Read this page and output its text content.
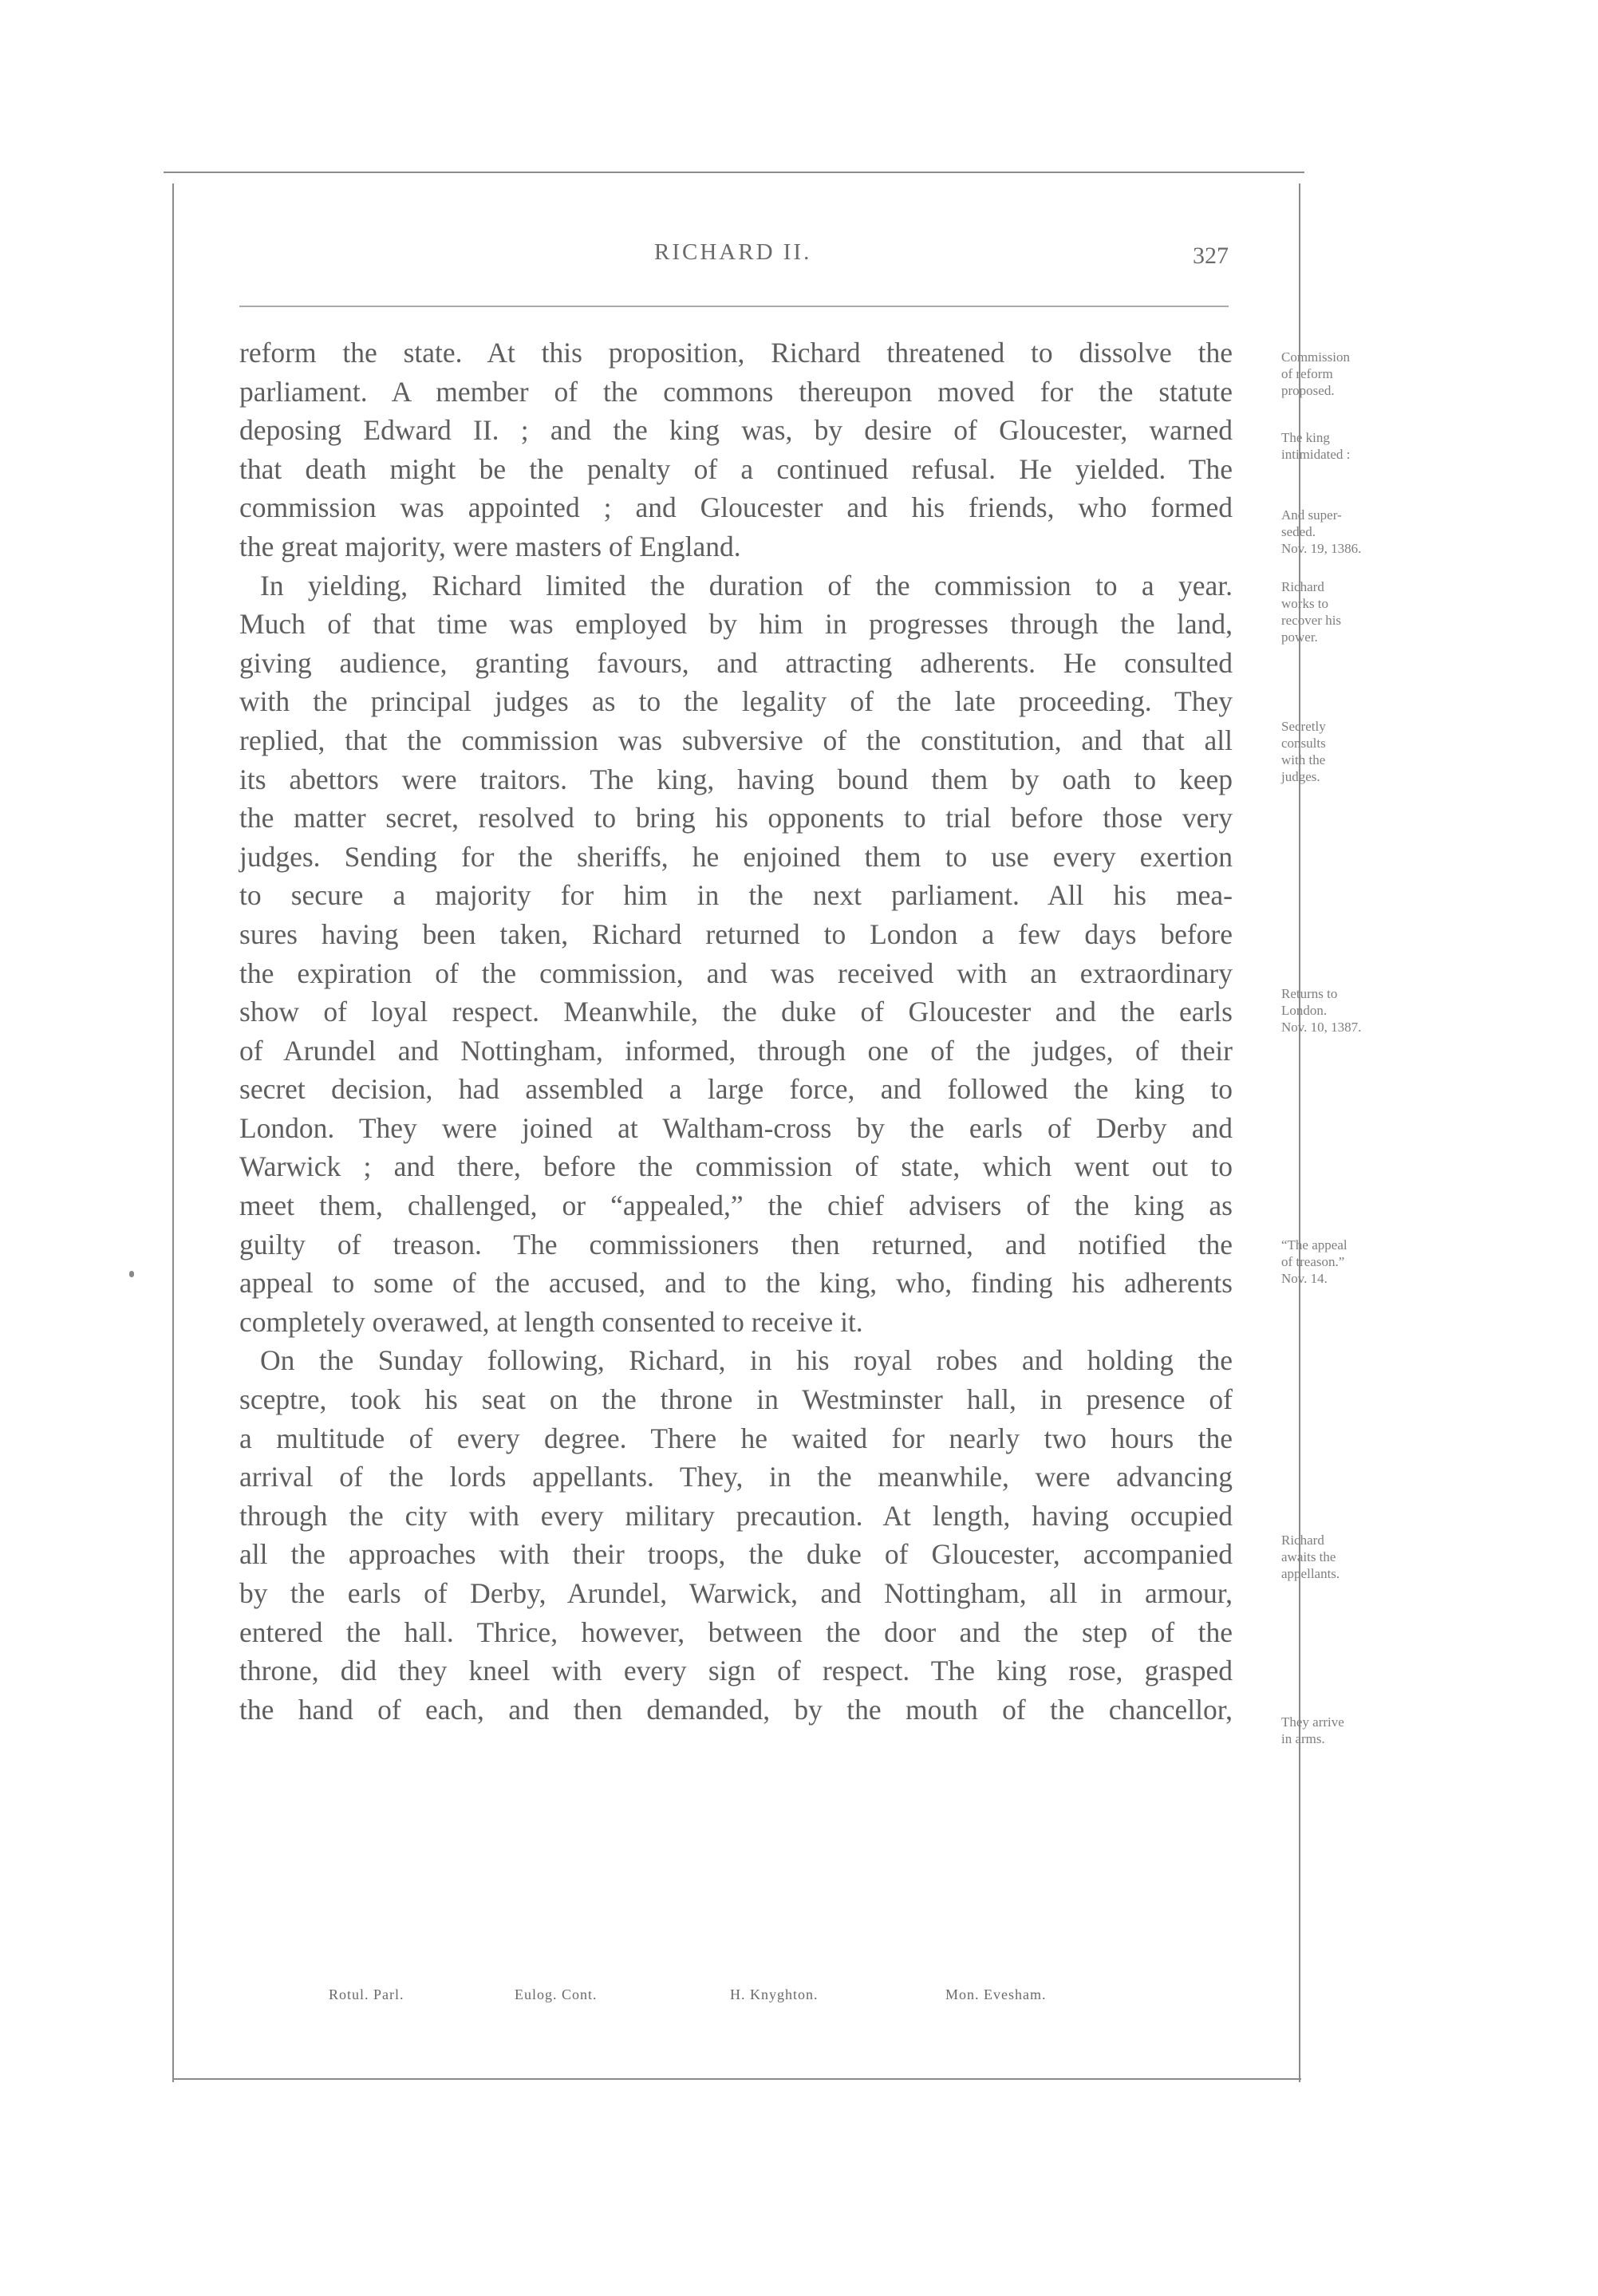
RICHARD II.	327
reform the state. At this proposition, Richard threatened to dissolve the
parliament. A member of the commons thereupon moved for the statute
deposing Edward II. ; and the king was, by desire of Gloucester, warned
that death might be the penalty of a continued refusal. He yielded. The
commission was appointed ; and Gloucester and his friends, who formed
the great majority, were masters of England.
In yielding, Richard limited the duration of the commission to a year.
Much of that time was employed by him in progresses through the land,
giving audience, granting favours, and attracting adherents. He consulted
with the principal judges as to the legality of the late proceeding. They
replied, that the commission was subversive of the constitution, and that all
its abettors were traitors. The king, having bound them by oath to keep
the matter secret, resolved to bring his opponents to trial before those very
judges. Sending for the sheriffs, he enjoined them to use every exertion
to secure a majority for him in the next parliament. All his mea-
sures having been taken, Richard returned to London a few days before
the expiration of the commission, and was received with an extraordinary
show of loyal respect. Meanwhile, the duke of Gloucester and the earls
of Arundel and Nottingham, informed, through one of the judges, of their
secret decision, had assembled a large force, and followed the king to
London. They were joined at Waltham-cross by the earls of Derby and
Warwick ; and there, before the commission of state, which went out to
meet them, challenged, or “appealed,” the chief advisers of the king as
guilty of treason. The commissioners then returned, and notified the
appeal to some of the accused, and to the king, who, finding his adherents
completely overawed, at length consented to receive it.
On the Sunday following, Richard, in his royal robes and holding the
sceptre, took his seat on the throne in Westminster hall, in presence of
a multitude of every degree. There he waited for nearly two hours the
arrival of the lords appellants. They, in the meanwhile, were advancing
through the city with every military precaution. At length, having occupied
all the approaches with their troops, the duke of Gloucester, accompanied
by the earls of Derby, Arundel, Warwick, and Nottingham, all in armour,
entered the hall. Thrice, however, between the door and the step of the
throne, did they kneel with every sign of respect. The king rose, grasped
the hand of each, and then demanded, by the mouth of the chancellor,
Commission
of reform
proposed.
The king
intimidated :
And super-
seded.
Nov. 19, 1386.
Richard
works to
recover his
power.
Secretly
consults
with the
judges.
Returns to
London.
Nov. 10, 1387.
“The appeal
of treason.”
Nov. 14.
Richard
awaits the
appellants.
They arrive
in arms.
Rotul. Parl.	Eulog. Cont.	H. Knyghton.	Mon. Evesham.
